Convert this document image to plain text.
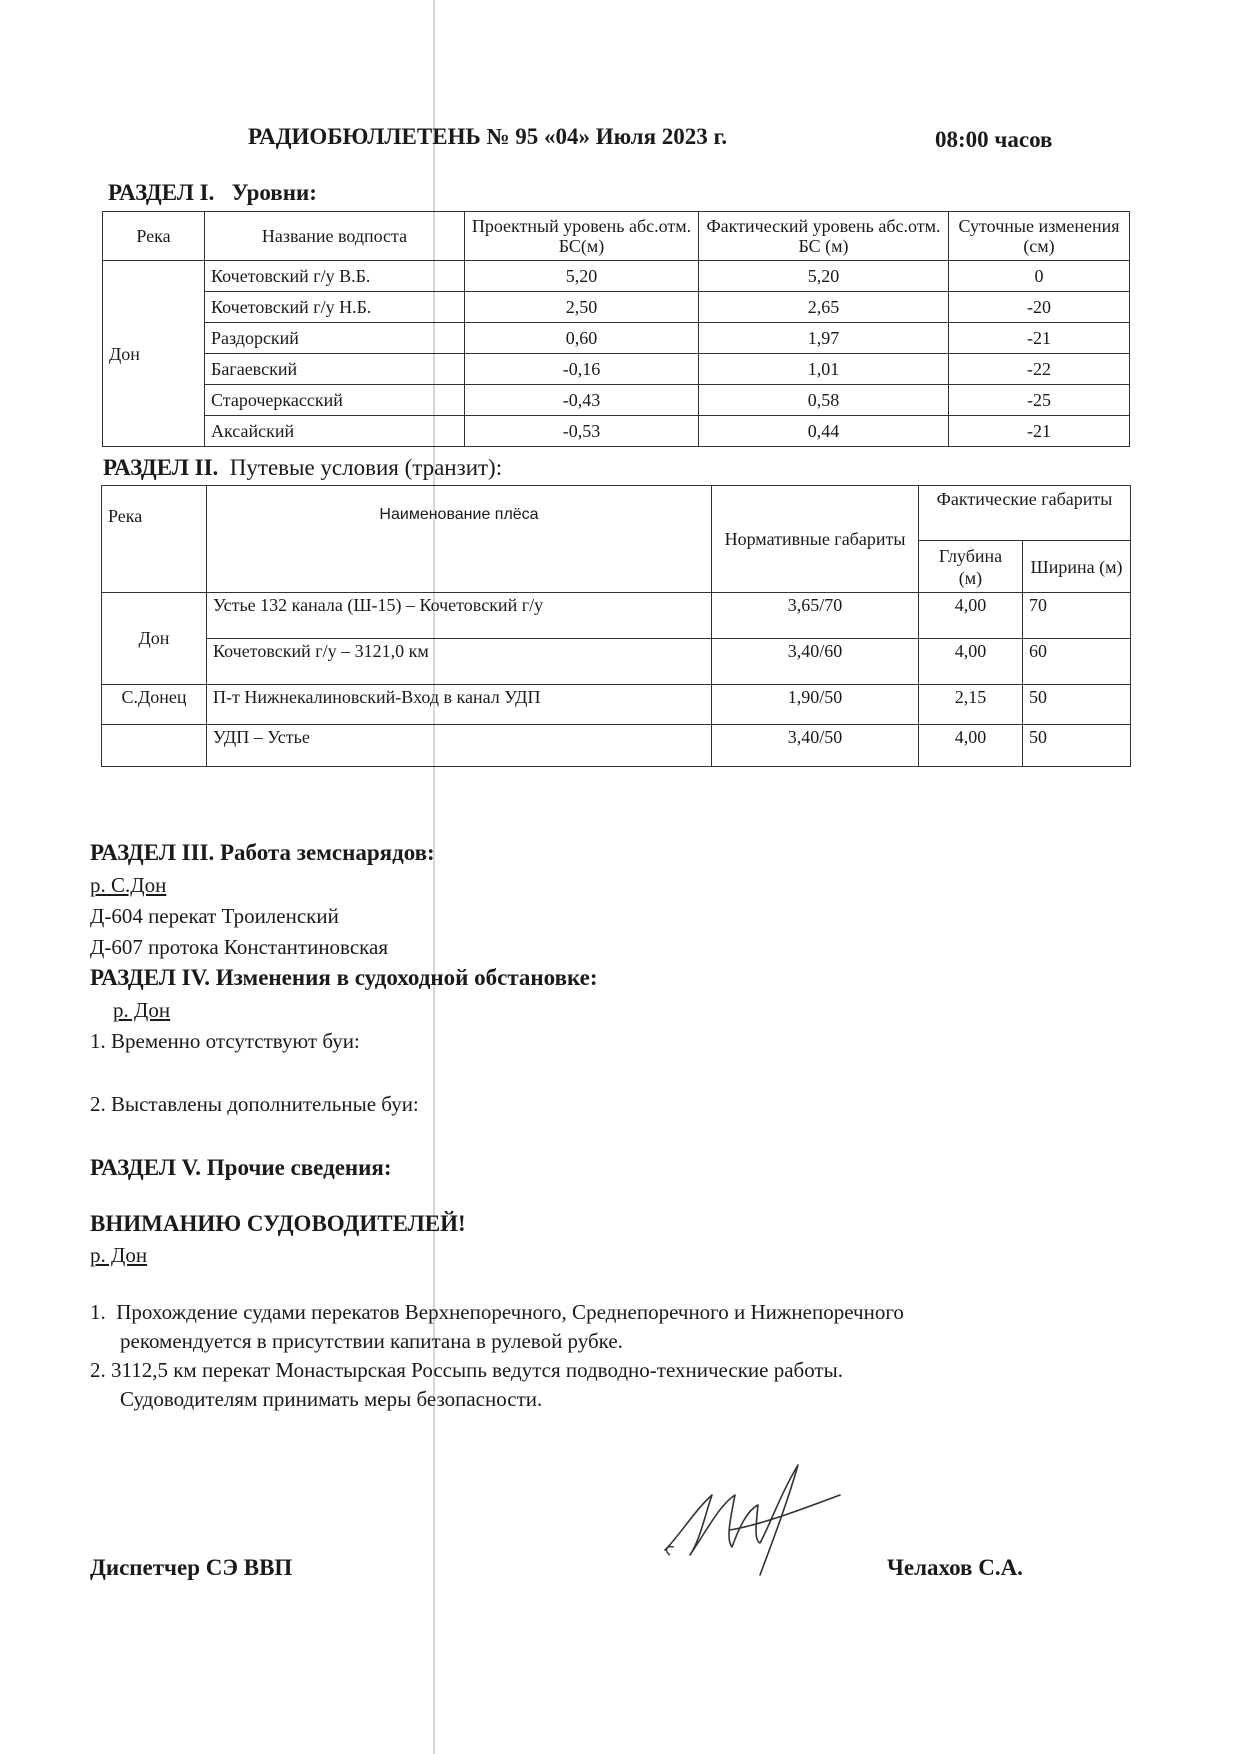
РАДИОБЮЛЛЕТЕНЬ № 95 «04» Июля 2023 г.	08:00 часов
РАЗДЕЛ I. Уровни:
Река	Название водпоста	Проектный уровень абс.отм. БС(м)	Фактический уровень абс.отм. БС (м)	Суточные изменения (см)
Дон	Кочетовский г/у В.Б.	5,20	5,20	0
	Кочетовский г/у Н.Б.	2,50	2,65	-20
	Раздорский	0,60	1,97	-21
	Багаевский	-0,16	1,01	-22
	Старочеркасский	-0,43	0,58	-25
	Аксайский	-0,53	0,44	-21
РАЗДЕЛ II. Путевые условия (транзит):
Река	Наименование плёса	Нормативные габариты	Фактические габариты	
			Глубина (м)	Ширина (м)
Дон	Устье 132 канала (Ш-15) – Кочетовский г/у	3,65/70	4,00	70
	Кочетовский г/у – 3121,0 км	3,40/60	4,00	60
С.Донец	П-т Нижнекалиновский-Вход в канал УДП	1,90/50	2,15	50
	УДП – Устье	3,40/50	4,00	50
РАЗДЕЛ III. Работа земснарядов:
р. С.Дон
Д-604 перекат Троиленский
Д-607 протока Константиновская
РАЗДЕЛ IV. Изменения в судоходной обстановке:
р. Дон
1. Временно отсутствуют буи:
2. Выставлены дополнительные буи:
РАЗДЕЛ V. Прочие сведения:
ВНИМАНИЮ СУДОВОДИТЕЛЕЙ!
р. Дон
1. Прохождение судами перекатов Верхнепоречного, Среднепоречного и Нижнепоречного
рекомендуется в присутствии капитана в рулевой рубке.
2. 3112,5 км перекат Монастырская Россыпь ведутся подводно-технические работы.
Судоводителям принимать меры безопасности.
Диспетчер СЭ ВВП	Челахов С.А.
